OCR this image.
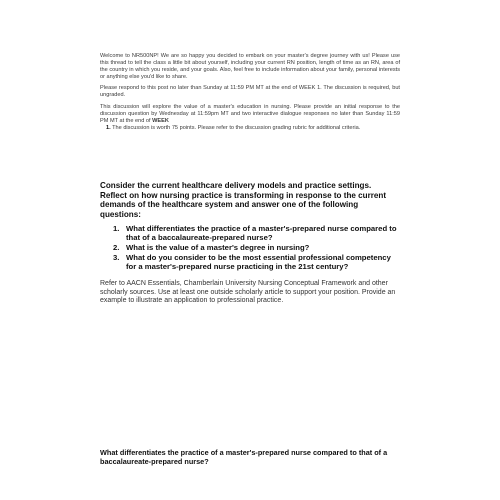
Welcome to NR500NP! We are so happy you decided to embark on your master's degree journey with us! Please use this thread to tell the class a little bit about yourself, including your current RN position, length of time as an RN, area of the country in which you reside, and your goals. Also, feel free to include information about your family, personal interests or anything else you'd like to share.

Please respond to this post no later than Sunday at 11:59 PM MT at the end of WEEK 1. The discussion is required, but ungraded.

This discussion will explore the value of a master's education in nursing. Please provide an initial response to the discussion question by Wednesday at 11:59pm MT and two interactive dialogue responses no later than Sunday 11:59 PM MT at the end of WEEK

1. The discussion is worth 75 points. Please refer to the discussion grading rubric for additional criteria.

Consider the current healthcare delivery models and practice settings. Reflect on how nursing practice is transforming in response to the current demands of the healthcare system and answer one of the following questions:
1. What differentiates the practice of a master's-prepared nurse compared to that of a baccalaureate-prepared nurse?
2. What is the value of a master's degree in nursing?
3. What do you consider to be the most essential professional competency for a master's-prepared nurse practicing in the 21st century?
Refer to AACN Essentials, Chamberlain University Nursing Conceptual Framework and other scholarly sources. Use at least one outside scholarly article to support your position. Provide an example to illustrate an application to professional practice.
What differentiates the practice of a master's-prepared nurse compared to that of a baccalaureate-prepared nurse?
